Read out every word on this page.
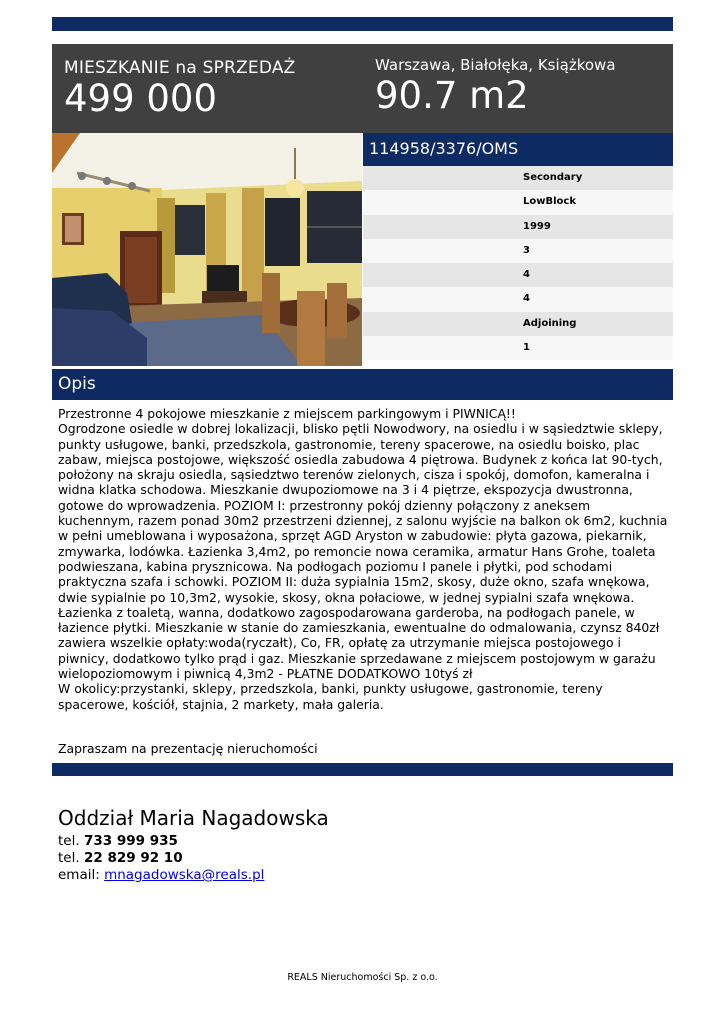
MIESZKANIE na SPRZEDAŻ
499 000
Warszawa, Białołęka, Książkowa
90.7 m2
114958/3376/OMS
Secondary
LowBlock
1999
3
4
4
Adjoining
1
Opis

Przestronne 4 pokojowe mieszkanie z miejscem parkingowym i PIWNICĄ!!

Ogrodzone osiedle w dobrej lokalizacji, blisko pętli Nowodwory, na osiedlu i w sąsiedztwie sklepy, punkty usługowe, banki, przedszkola, gastronomie, tereny spacerowe, na osiedlu boisko, plac zabaw, miejsca postojowe, większość osiedla zabudowa 4 piętrowa. Budynek z końca lat 90-tych, położony na skraju osiedla, sąsiedztwo terenów zielonych, cisza i spokój, domofon, kameralna i widna klatka schodowa. Mieszkanie dwupoziomowe na 3 i 4 piętrze, ekspozycja dwustronna, gotowe do wprowadzenia. POZIOM I: przestronny pokój dzienny połączony z aneksem kuchennym, razem ponad 30m2 przestrzeni dziennej, z salonu wyjście na balkon ok 6m2, kuchnia w pełni umeblowana i wyposażona, sprzęt AGD Aryston w zabudowie: płyta gazowa, piekarnik, zmywarka, lodówka. Łazienka 3,4m2, po remoncie nowa ceramika, armatur Hans Grohe, toaleta podwieszana, kabina prysznicowa. Na podłogach poziomu I panele i płytki, pod schodami praktyczna szafa i schowki. POZIOM II: duża sypialnia 15m2, skosy, duże okno, szafa wnękowa, dwie sypialnie po 10,3m2, wysokie, skosy, okna połaciowe, w jednej sypialni szafa wnękowa. Łazienka z toaletą, wanna, dodatkowo zagospodarowana garderoba, na podłogach panele, w łazience płytki. Mieszkanie w stanie do zamieszkania, ewentualne do odmalowania, czynsz 840zł zawiera wszelkie opłaty:woda(ryczałt), Co, FR, opłatę za utrzymanie miejsca postojowego i piwnicy, dodatkowo tylko prąd i gaz. Mieszkanie sprzedawane z miejscem postojowym w garażu wielopoziomowym i piwnicą 4,3m2 - PŁATNE DODATKOWO 10tyś zł

W okolicy:przystanki, sklepy, przedszkola, banki, punkty usługowe, gastronomie, tereny spacerowe, kościół, stajnia, 2 markety, mała galeria.

Zapraszam na prezentację nieruchomości
Oddział Maria Nagadowska
tel. 733 999 935
tel. 22 829 92 10
email: mnagadowska@reals.pl
REALS Nieruchomości Sp. z o.o.
